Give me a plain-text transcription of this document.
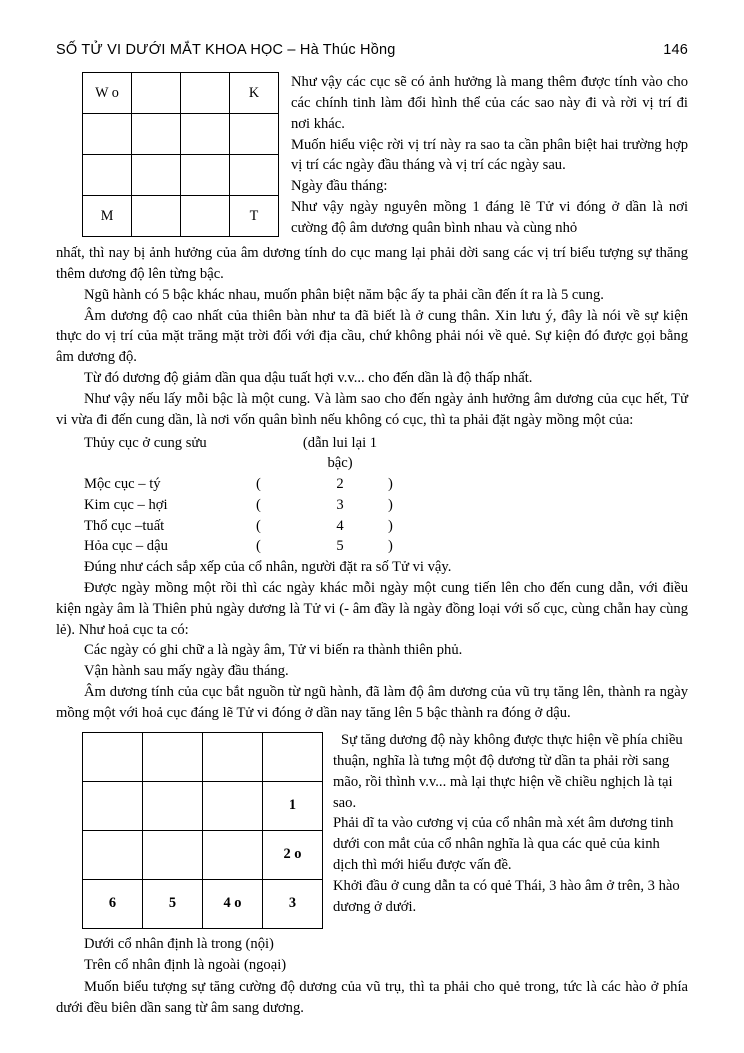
SỐ TỬ VI DƯỚI MẮT KHOA HỌC – Hà Thúc Hồng	146
W o			K

M			T

Như vậy các cục sẽ có ảnh hưởng là mang thêm được tính vào cho các chính tinh làm đổi hình thể của các sao này đi và rời vị trí đi nơi khác.

Muốn hiểu việc rời vị trí này ra sao ta cần phân biệt hai trường hợp vị trí các ngày đầu tháng và vị trí các ngày sau.

Ngày đầu tháng:

Như vậy ngày nguyên mồng 1 đáng lẽ Tử vi đóng ở dần là nơi cường độ âm dương quân bình nhau và cùng nhỏ

nhất, thì nay bị ảnh hưởng của âm dương tính do cục mang lại phải dời sang các vị trí biểu tượng sự thăng thêm dương độ lên từng bậc.

Ngũ hành có 5 bậc khác nhau, muốn phân biệt năm bậc ấy ta phải cần đến ít ra là 5 cung.

Âm dương độ cao nhất của thiên bàn như ta đã biết là ở cung thân. Xin lưu ý, đây là nói về sự kiện thực do vị trí của mặt trăng mặt trời đối với địa cầu, chứ không phải nói về quẻ. Sự kiện đó được gọi bằng âm dương độ.

Từ đó dương độ giảm dần qua dậu tuất hợi v.v... cho đến dần là độ thấp nhất.

Như vậy nếu lấy mỗi bậc là một cung. Và làm sao cho đến ngày ảnh hưởng âm dương của cục hết, Tử vi vừa đi đến cung dần, là nơi vốn quân bình nếu không có cục, thì ta phải đặt ngày mồng một của:

Thủy cục ở cung sửu	(dẫn lui lại 1 bậc)
Mộc cục – tý	(	2	)
Kim cục – hợi	(	3	)
Thổ cục –tuất	(	4	)
Hỏa cục – dậu	(	5	)

Đúng như cách sắp xếp của cổ nhân, người đặt ra số Tử vi vậy.

Được ngày mồng một rồi thì các ngày khác mỗi ngày một cung tiến lên cho đến cung dẫn, với điều kiện ngày âm là Thiên phủ ngày dương là Tử vi (- âm đầy là ngày đồng loại với số cục, cùng chẵn hay cùng lẻ). Như hoả cục ta có:

Các ngày có ghi chữ a là ngày âm, Tử vi biến ra thành thiên phủ.

Vận hành sau mấy ngày đầu tháng.

Âm dương tính của cục bắt nguồn từ ngũ hành, đã làm độ âm dương của vũ trụ tăng lên, thành ra ngày mồng một với hoả cục đáng lẽ Tử vi đóng ở dần nay tăng lên 5 bậc thành ra đóng ở dậu.

			1
			2 o
6	5	4 o	3

Sự tăng dương độ này không được thực hiện về phía chiều thuận, nghĩa là tưng một độ dương từ dần ta phải rời sang mão, rồi thình v.v... mà lại thực hiện về chiều nghịch là tại sao.

Phải dĩ ta vào cương vị của cổ nhân mà xét âm dương tinh dưới con mắt của cổ nhân nghĩa là qua các quẻ của kinh dịch thì mới hiểu được vấn đề.

Khởi đầu ở cung dẫn ta có quẻ Thái, 3 hào âm ở trên, 3 hào dương ở dưới.

Dưới cổ nhân định là trong (nội)

Trên cổ nhân định là ngoài (ngoại)

Muốn biểu tượng sự tăng cường độ dương của vũ trụ, thì ta phải cho quẻ trong, tức là các hào ở phía dưới đều biên dần sang từ âm sang dương.
